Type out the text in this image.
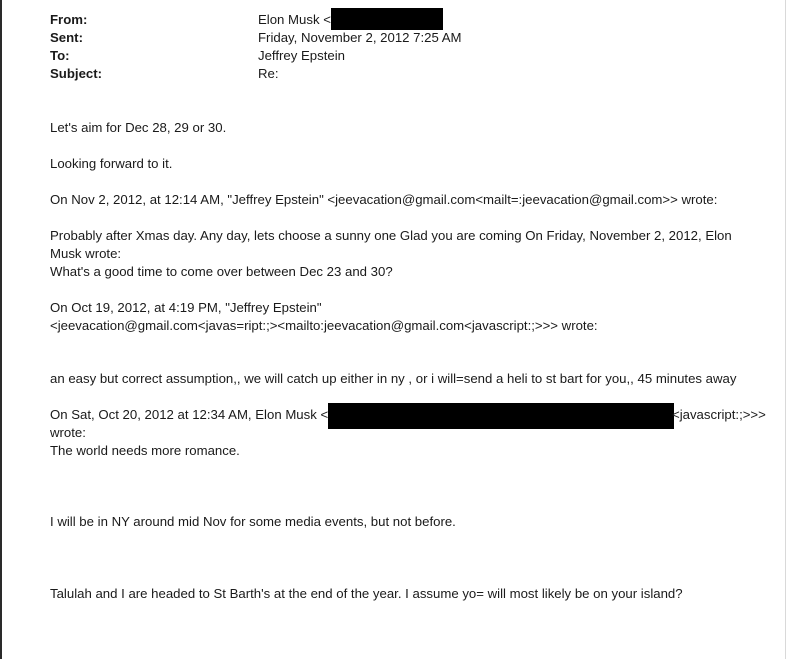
From:	Elon Musk <
Sent:	Friday, November 2, 2012 7:25 AM
To:	Jeffrey Epstein
Subject:	Re:
Let's aim for Dec 28, 29 or 30.
Looking forward to it.
On Nov 2, 2012, at 12:14 AM, "Jeffrey Epstein" <jeevacation@gmail.com<mailt=:jeevacation@gmail.com>> wrote:
Probably after Xmas day. Any day, lets choose a sunny one Glad you are coming On Friday, November 2, 2012, Elon
Musk wrote:
What's a good time to come over between Dec 23 and 30?
On Oct 19, 2012, at 4:19 PM, "Jeffrey Epstein"
<jeevacation@gmail.com<javas=ript:;><mailto:jeevacation@gmail.com<javascript:;>>> wrote:
an easy but correct assumption,, we will catch up either in ny , or i will=send a heli to st bart for you,, 45 minutes away
On Sat, Oct 20, 2012 at 12:34 AM, Elon Musk <	<javascript:;>>>
wrote:
The world needs more romance.
I will be in NY around mid Nov for some media events, but not before.
Talulah and I are headed to St Barth's at the end of the year. I assume yo= will most likely be on your island?
